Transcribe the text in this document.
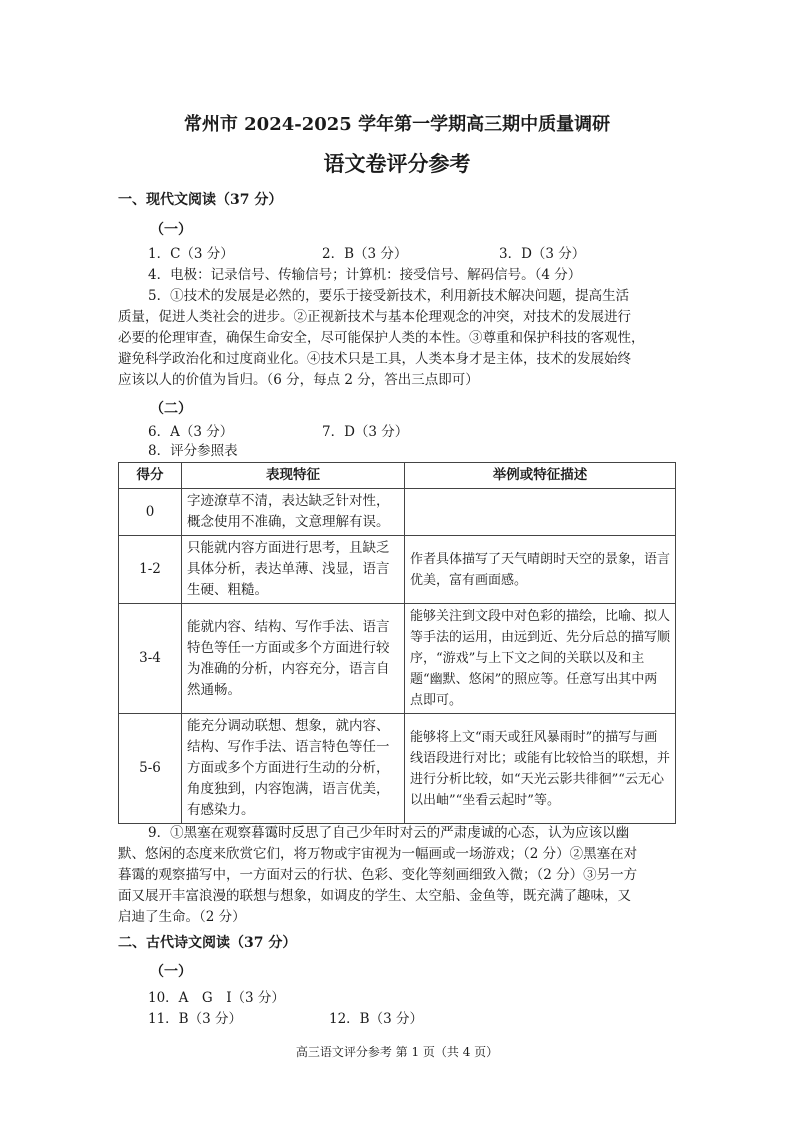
常州市 2024-2025 学年第一学期高三期中质量调研
语文卷评分参考
一、现代文阅读（37 分）
（一）
1．C（3 分）	2．B（3 分）	3．D（3 分）
4．电极：记录信号、传输信号；计算机：接受信号、解码信号。（4 分）
5．①技术的发展是必然的，要乐于接受新技术，利用新技术解决问题，提高生活
质量，促进人类社会的进步。②正视新技术与基本伦理观念的冲突，对技术的发展进行
必要的伦理审查，确保生命安全，尽可能保护人类的本性。③尊重和保护科技的客观性，
避免科学政治化和过度商业化。④技术只是工具，人类本身才是主体，技术的发展始终
应该以人的价值为旨归。（6 分，每点 2 分，答出三点即可）
（二）
6．A（3 分）	7．D（3 分）
8．评分参照表
得分	表现特征	举例或特征描述
0	字迹潦草不清，表达缺乏针对性，概念使用不准确，文意理解有误。	
1-2	只能就内容方面进行思考，且缺乏具体分析，表达单薄、浅显，语言生硬、粗糙。	作者具体描写了天气晴朗时天空的景象，语言优美，富有画面感。
3-4	能就内容、结构、写作手法、语言特色等任一方面或多个方面进行较为准确的分析，内容充分，语言自然通畅。	能够关注到文段中对色彩的描绘，比喻、拟人等手法的运用，由远到近、先分后总的描写顺序，“游戏”与上下文之间的关联以及和主题“幽默、悠闲”的照应等。任意写出其中两点即可。
5-6	能充分调动联想、想象，就内容、结构、写作手法、语言特色等任一方面或多个方面进行生动的分析，角度独到，内容饱满，语言优美，有感染力。	能够将上文“雨天或狂风暴雨时”的描写与画线语段进行对比；或能有比较恰当的联想，并进行分析比较，如“天光云影共徘徊”“云无心以出岫”“坐看云起时”等。
9．①黑塞在观察暮霭时反思了自己少年时对云的严肃虔诚的心态，认为应该以幽
默、悠闲的态度来欣赏它们，将万物或宇宙视为一幅画或一场游戏；（2 分）②黑塞在对
暮霭的观察描写中，一方面对云的行状、色彩、变化等刻画细致入微；（2 分）③另一方
面又展开丰富浪漫的联想与想象，如调皮的学生、太空船、金鱼等，既充满了趣味，又
启迪了生命。（2 分）
二、古代诗文阅读（37 分）
（一）
10．A　G　I（3 分）
11．B（3 分）	12．B（3 分）
高三语文评分参考 第 1 页（共 4 页）
